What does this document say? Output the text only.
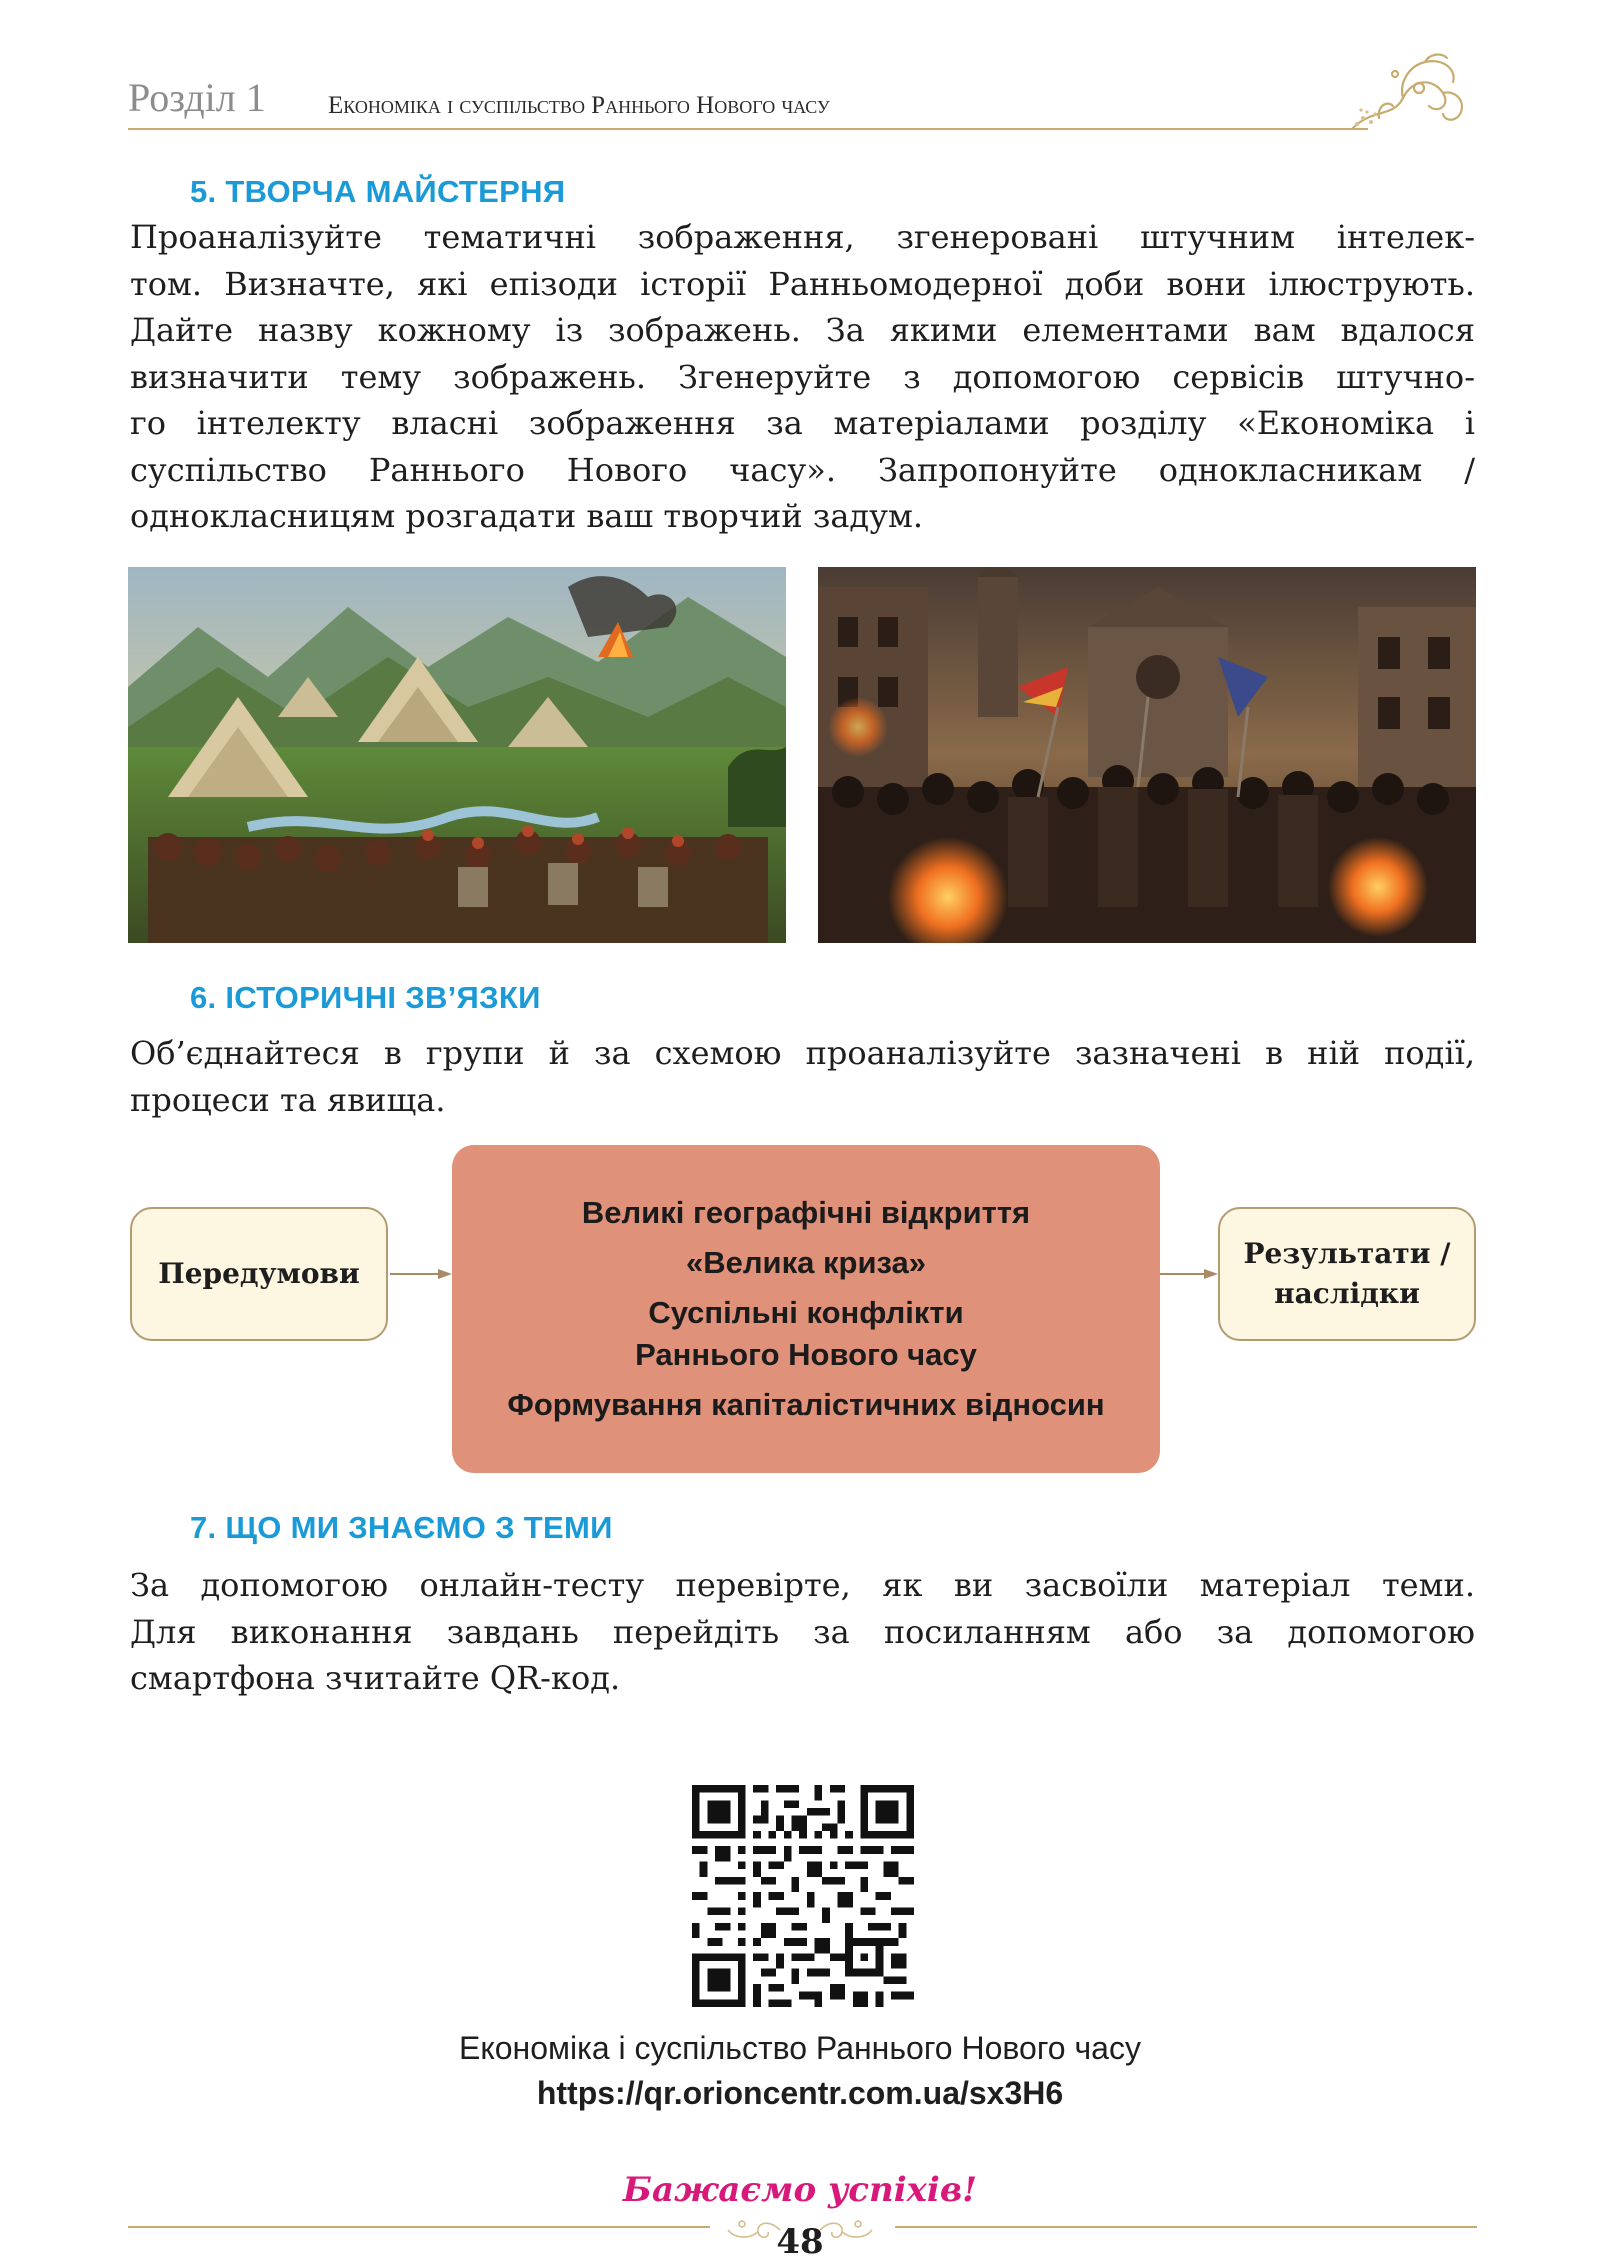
Розділ 1 Економіка і суспільство Раннього Нового часу
5. ТВОРЧА МАЙСТЕРНЯ
Проаналізуйте тематичні зображення, згенеровані штучним інтелек-
том. Визначте, які епізоди історії Ранньомодерної доби вони ілюструють.
Дайте назву кожному із зображень. За якими елементами вам вдалося
визначити тему зображень. Згенеруйте з допомогою сервісів штучно-
го інтелекту власні зображення за матеріалами розділу «Економіка і
суспільство Раннього Нового часу». Запропонуйте однокласникам /
однокласницям розгадати ваш творчий задум.
6. ІСТОРИЧНІ ЗВ’ЯЗКИ
Об’єднайтеся в групи й за схемою проаналізуйте зазначені в ній події,
процеси та явища.
Передумови
Великі географічні відкриття
«Велика криза»
Суспільні конфлікти
Раннього Нового часу
Формування капіталістичних відносин
Результати /
наслідки
7. ЩО МИ ЗНАЄМО З ТЕМИ
За допомогою онлайн-тесту перевірте, як ви засвоїли матеріал теми.
Для виконання завдань перейдіть за посиланням або за допомогою
смартфона зчитайте QR-код.
Економіка і суспільство Раннього Нового часу
https://qr.orioncentr.com.ua/sx3H6
Бажаємо успіхів!
48
